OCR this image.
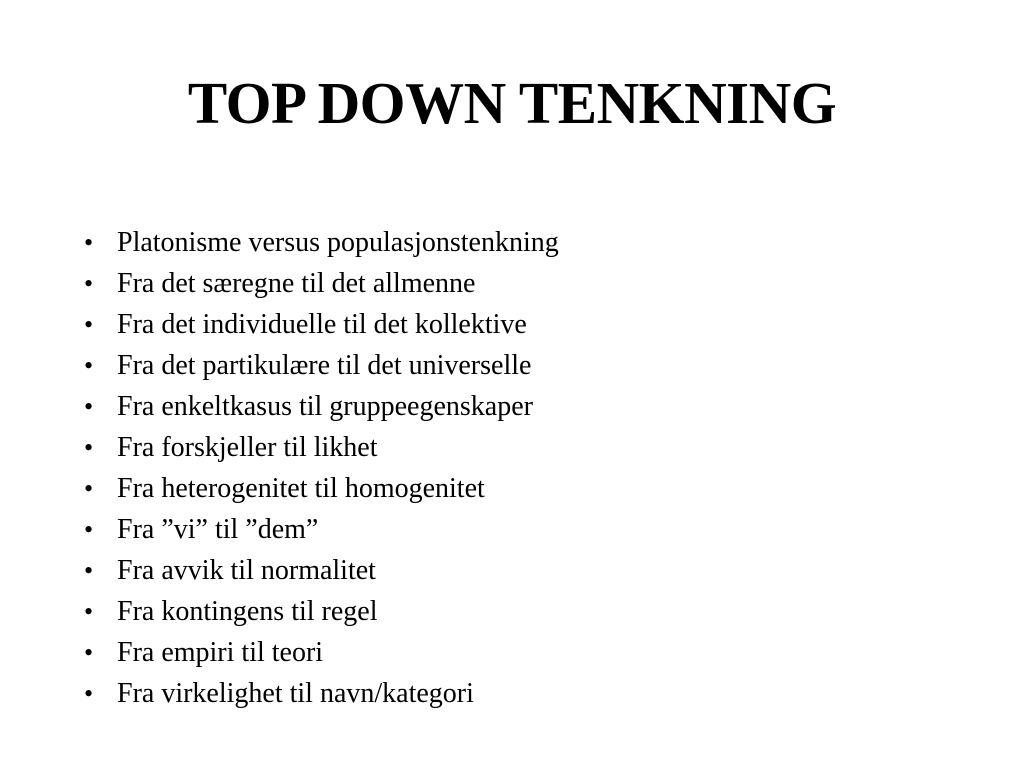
TOP DOWN TENKNING
• Platonisme versus populasjonstenkning
• Fra det særegne til det allmenne
• Fra det individuelle til det kollektive
• Fra det partikulære til det universelle
• Fra enkeltkasus til gruppeegenskaper
• Fra forskjeller til likhet
• Fra heterogenitet til homogenitet
• Fra ”vi” til ”dem”
• Fra avvik til normalitet
• Fra kontingens til regel
• Fra empiri til teori
• Fra virkelighet til navn/kategori
